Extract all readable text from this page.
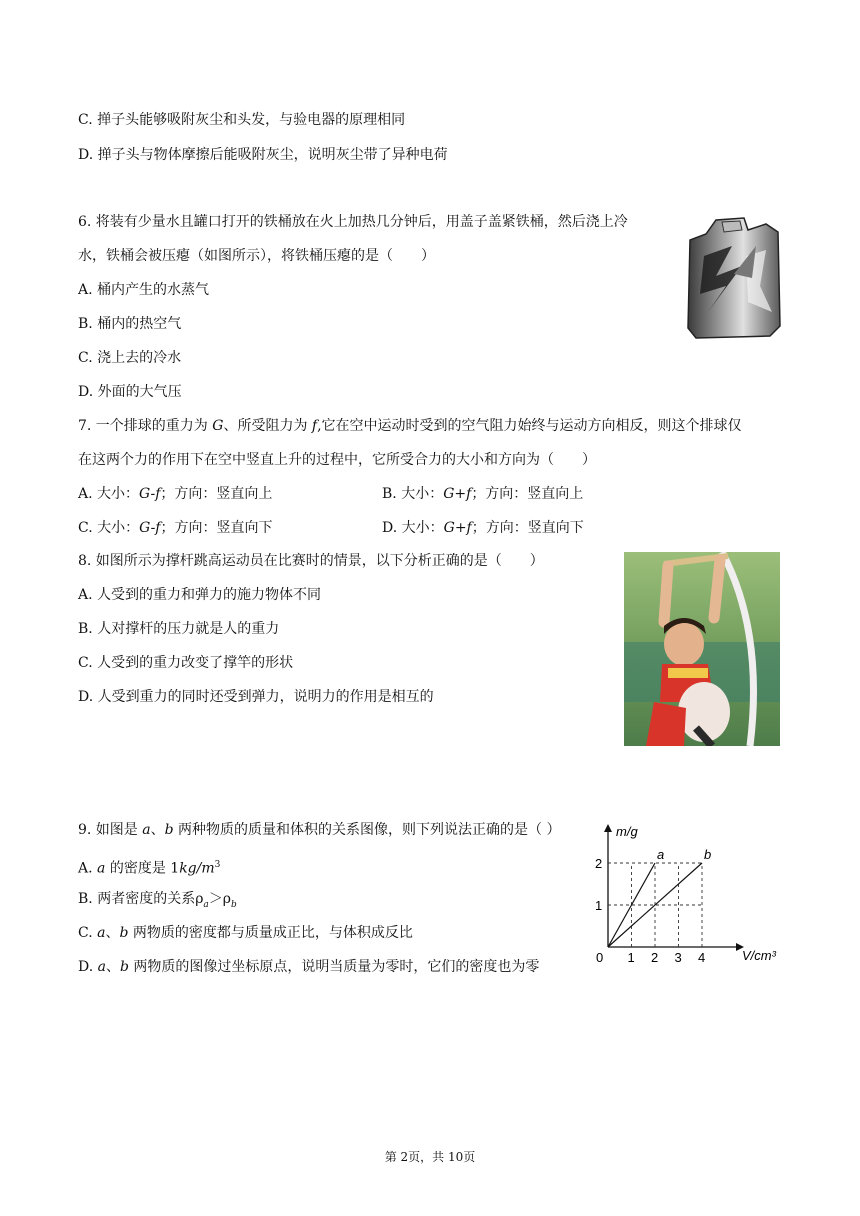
C. 掸子头能够吸附灰尘和头发，与验电器的原理相同
D. 掸子头与物体摩擦后能吸附灰尘，说明灰尘带了异种电荷
6. 将装有少量水且罐口打开的铁桶放在火上加热几分钟后，用盖子盖紧铁桶，然后浇上冷
水，铁桶会被压瘪（如图所示），将铁桶压瘪的是（　　）
A. 桶内产生的水蒸气
B. 桶内的热空气
C. 浇上去的冷水
D. 外面的大气压
7. 一个排球的重力为 G、所受阻力为 f,它在空中运动时受到的空气阻力始终与运动方向相反，则这个排球仅
在这两个力的作用下在空中竖直上升的过程中，它所受合力的大小和方向为（　　）
A. 大小：G-f；方向：竖直向上	B. 大小：G+f；方向：竖直向上
C. 大小：G-f；方向：竖直向下	D. 大小：G+f；方向：竖直向下
8. 如图所示为撑杆跳高运动员在比赛时的情景，以下分析正确的是（　　）
A. 人受到的重力和弹力的施力物体不同
B. 人对撑杆的压力就是人的重力
C. 人受到的重力改变了撑竿的形状
D. 人受到重力的同时还受到弹力，说明力的作用是相互的
9. 如图是 a、b 两种物质的质量和体积的关系图像，则下列说法正确的是（ ）
A. a 的密度是 $1kg/m^3$
B. 两者密度的关系$\rho_a>\rho_b$
C. a、b 两物质的密度都与质量成正比，与体积成反比
D. a、b 两物质的图像过坐标原点，说明当质量为零时，它们的密度也为零
m/g
V/cm³
a	b
0 1 2 3 4
1
2
第 2页，共 10页
